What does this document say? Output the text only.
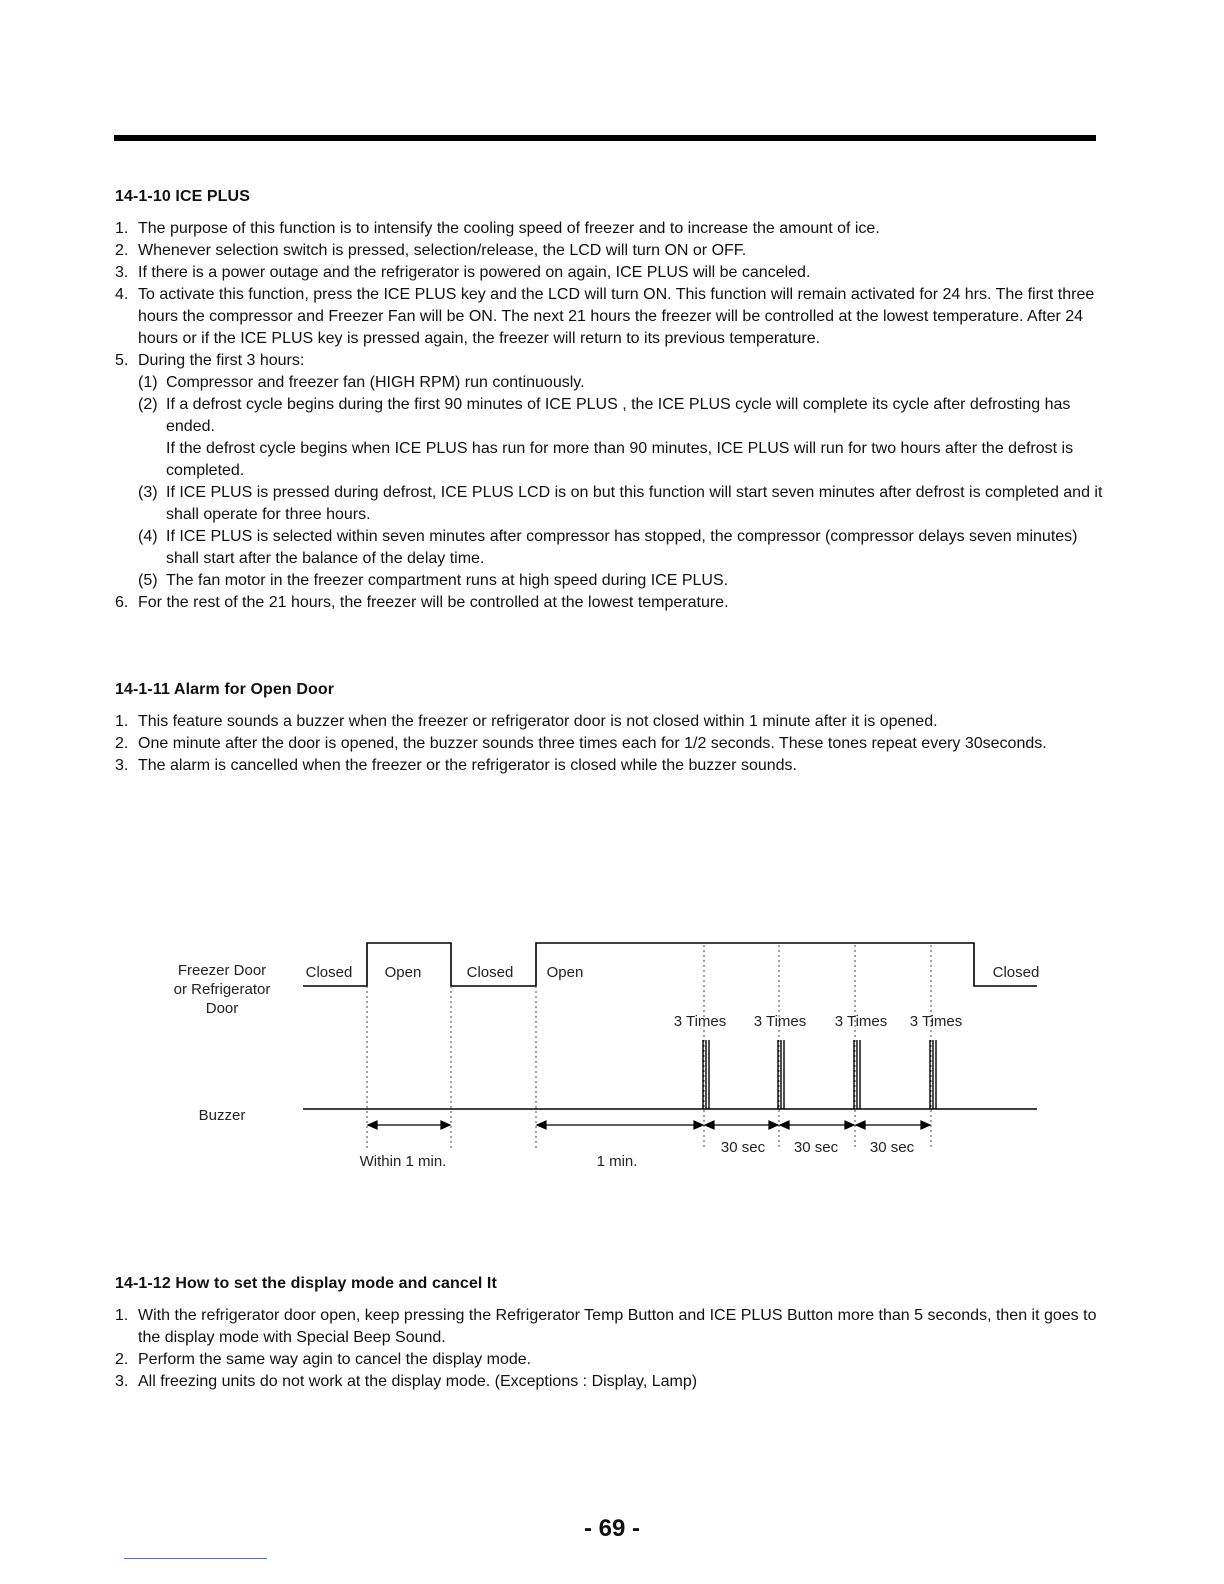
14-1-10 ICE PLUS
1. The purpose of this function is to intensify the cooling speed of freezer and to increase the amount of ice.
2. Whenever selection switch is pressed, selection/release, the LCD will turn ON or OFF.
3. If there is a power outage and the refrigerator is powered on again, ICE PLUS will be canceled.
4. To activate this function, press the ICE PLUS key and the LCD will turn ON. This function will remain activated for 24 hrs. The first three hours the compressor and Freezer Fan will be ON. The next 21 hours the freezer will be controlled at the lowest temperature. After 24 hours or if the ICE PLUS key is pressed again, the freezer will return to its previous temperature.
5. During the first 3 hours:
(1) Compressor and freezer fan (HIGH RPM) run continuously.
(2) If a defrost cycle begins during the first 90 minutes of ICE PLUS , the ICE PLUS cycle will complete its cycle after defrosting has ended.
If the defrost cycle begins when ICE PLUS has run for more than 90 minutes, ICE PLUS will run for two hours after the defrost is completed.
(3) If ICE PLUS is pressed during defrost, ICE PLUS LCD is on but this function will start seven minutes after defrost is completed and it shall operate for three hours.
(4) If ICE PLUS is selected within seven minutes after compressor has stopped, the compressor (compressor delays seven minutes) shall start after the balance of the delay time.
(5) The fan motor in the freezer compartment runs at high speed during ICE PLUS.
6. For the rest of the 21 hours, the freezer will be controlled at the lowest temperature.
14-1-11 Alarm for Open Door
1. This feature sounds a buzzer when the freezer or refrigerator door is not closed within 1 minute after it is opened.
2. One minute after the door is opened, the buzzer sounds three times each for 1/2 seconds. These tones repeat every 30seconds.
3. The alarm is cancelled when the freezer or the refrigerator is closed while the buzzer sounds.
Freezer Door
or Refrigerator
Door
Buzzer
Closed Open	Closed Open	Closed
3 Times 3 Times 3 Times 3 Times
Within 1 min.	1 min.
30 sec 30 sec 30 sec
14-1-12 How to set the display mode and cancel It
1. With the refrigerator door open, keep pressing the Refrigerator Temp Button and ICE PLUS Button more than 5 seconds, then it goes to the display mode with Special Beep Sound.
2. Perform the same way agin to cancel the display mode.
3. All freezing units do not work at the display mode. (Exceptions : Display, Lamp)
- 69 -
